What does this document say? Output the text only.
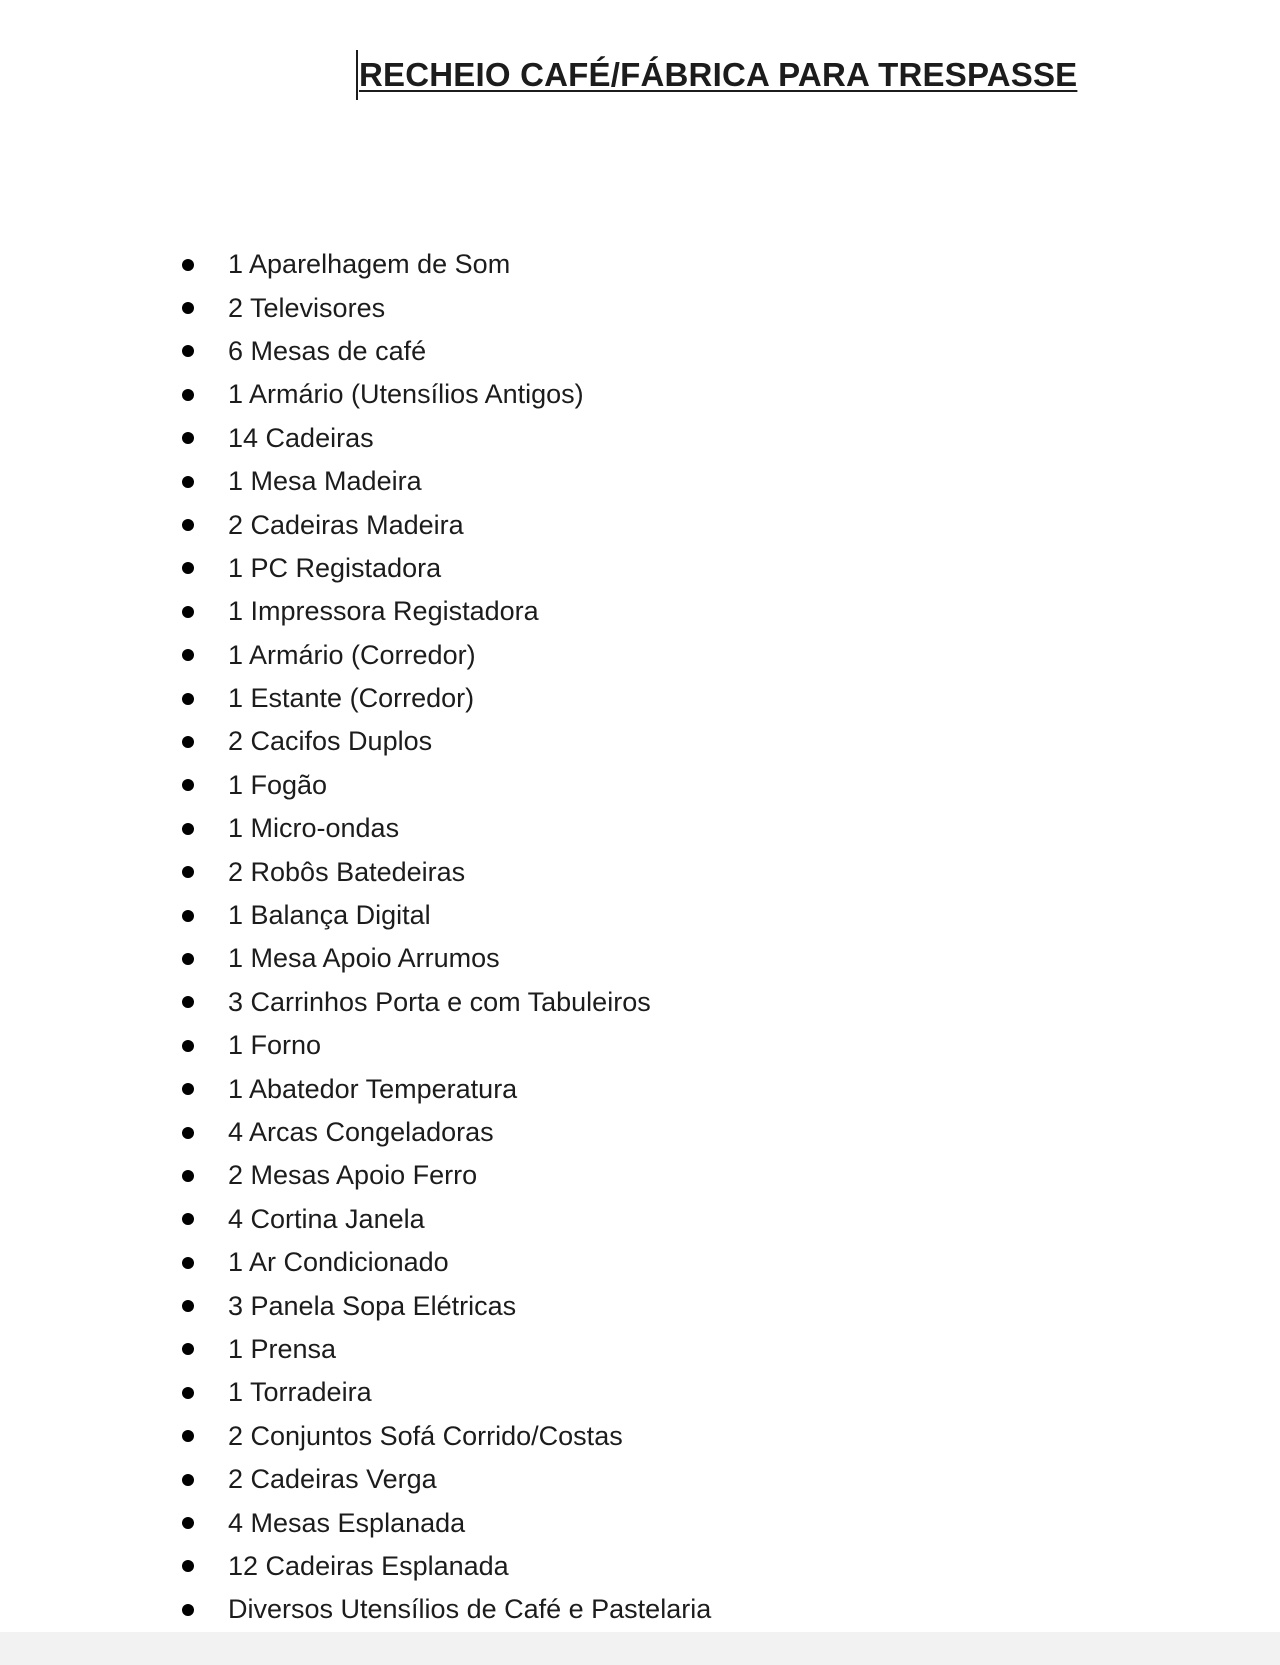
RECHEIO CAFÉ/FÁBRICA PARA TRESPASSE
1 Aparelhagem de Som
2 Televisores
6 Mesas de café
1 Armário (Utensílios Antigos)
14 Cadeiras
1 Mesa Madeira
2 Cadeiras Madeira
1 PC Registadora
1 Impressora Registadora
1 Armário (Corredor)
1 Estante (Corredor)
2 Cacifos Duplos
1 Fogão
1 Micro-ondas
2 Robôs Batedeiras
1 Balança Digital
1 Mesa Apoio Arrumos
3 Carrinhos Porta e com Tabuleiros
1 Forno
1 Abatedor Temperatura
4 Arcas Congeladoras
2 Mesas Apoio Ferro
4 Cortina Janela
1 Ar Condicionado
3 Panela Sopa Elétricas
1 Prensa
1 Torradeira
2 Conjuntos Sofá Corrido/Costas
2 Cadeiras Verga
4 Mesas Esplanada
12 Cadeiras Esplanada
Diversos Utensílios de Café e Pastelaria
